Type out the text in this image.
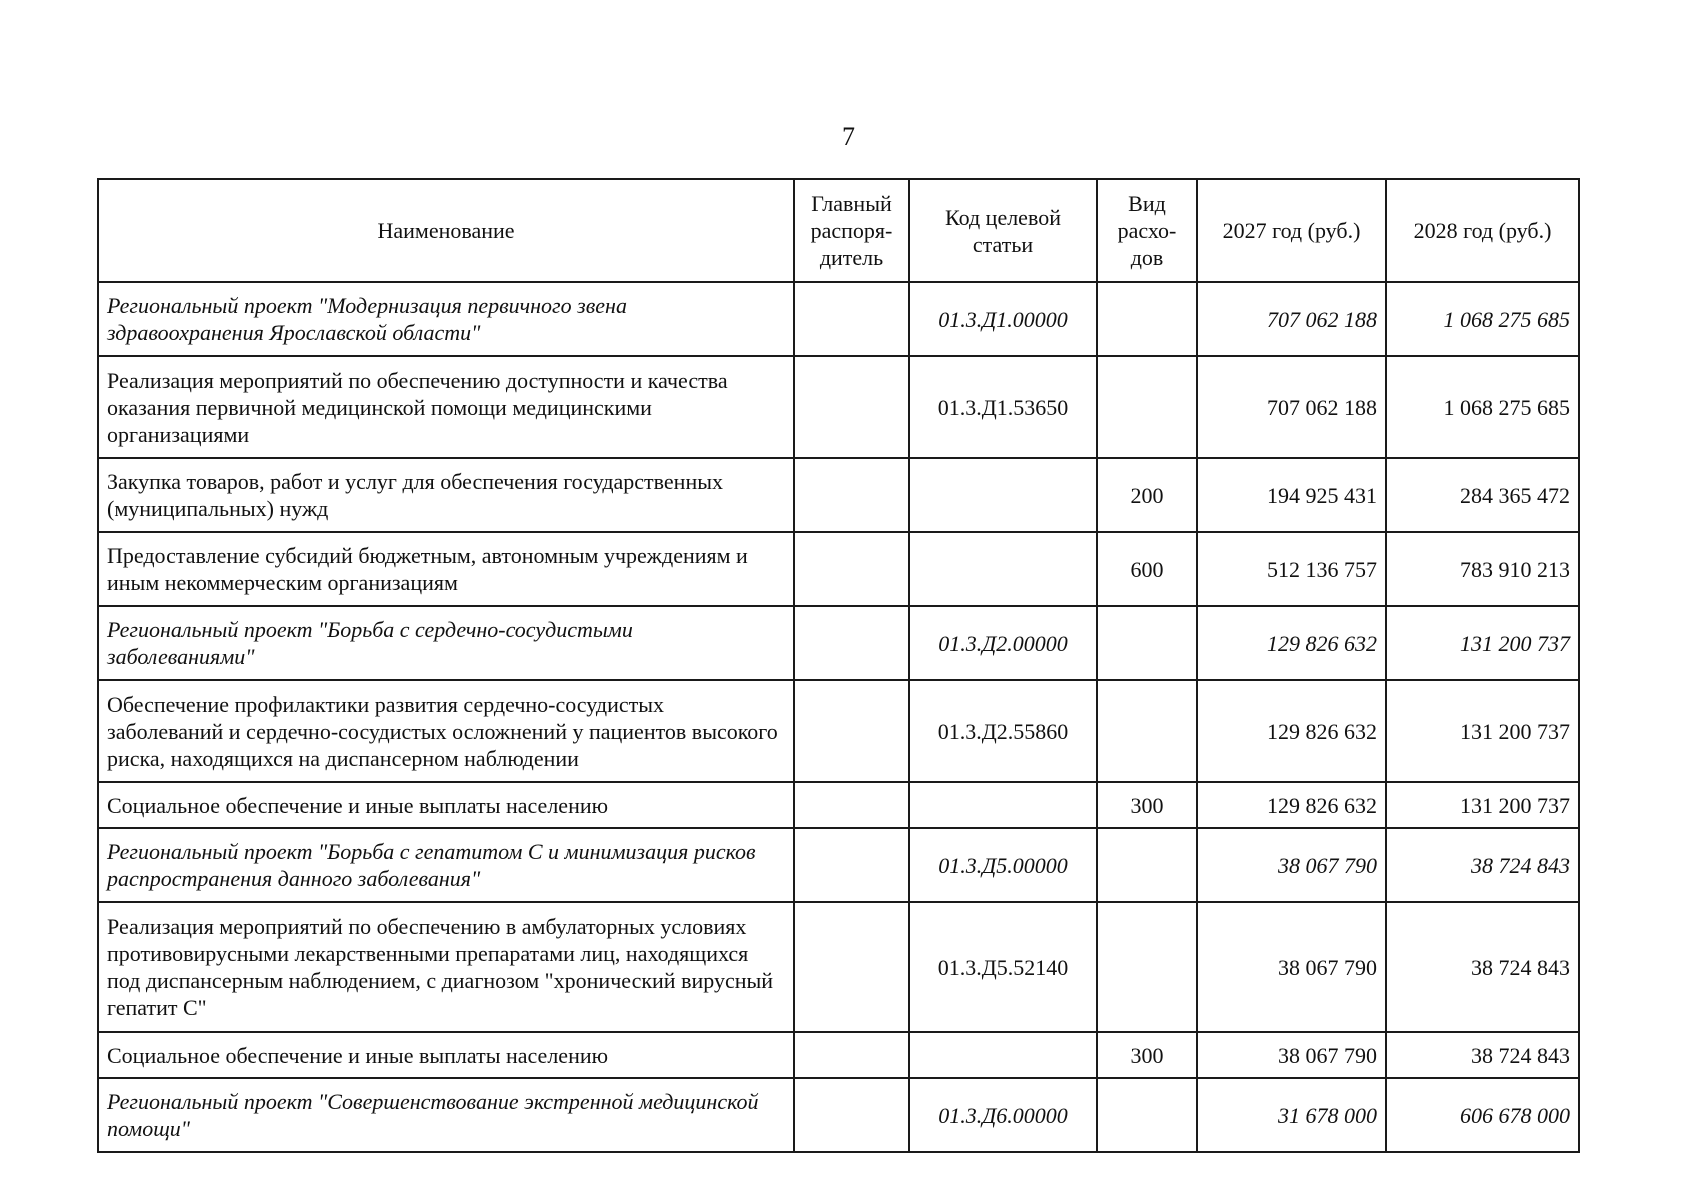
7
Наименование	Главный распоря- дитель	Код целевой статьи	Вид расхо- дов	2027 год (руб.)	2028 год (руб.)
Региональный проект "Модернизация первичного звена здравоохранения Ярославской области"		01.3.Д1.00000		707 062 188	1 068 275 685
Реализация мероприятий по обеспечению доступности и качества оказания первичной медицинской помощи медицинскими организациями		01.3.Д1.53650		707 062 188	1 068 275 685
Закупка товаров, работ и услуг для обеспечения государственных (муниципальных) нужд			200	194 925 431	284 365 472
Предоставление субсидий бюджетным, автономным учреждениям и иным некоммерческим организациям			600	512 136 757	783 910 213
Региональный проект "Борьба с сердечно-сосудистыми заболеваниями"		01.3.Д2.00000		129 826 632	131 200 737
Обеспечение профилактики развития сердечно-сосудистых заболеваний и сердечно-сосудистых осложнений у пациентов высокого риска, находящихся на диспансерном наблюдении		01.3.Д2.55860		129 826 632	131 200 737
Социальное обеспечение и иные выплаты населению			300	129 826 632	131 200 737
Региональный проект "Борьба с гепатитом С и минимизация рисков распространения данного заболевания"		01.3.Д5.00000		38 067 790	38 724 843
Реализация мероприятий по обеспечению в амбулаторных условиях противовирусными лекарственными препаратами лиц, находящихся под диспансерным наблюдением, с диагнозом "хронический вирусный гепатит С"		01.3.Д5.52140		38 067 790	38 724 843
Социальное обеспечение и иные выплаты населению			300	38 067 790	38 724 843
Региональный проект "Совершенствование экстренной медицинской помощи"		01.3.Д6.00000		31 678 000	606 678 000
